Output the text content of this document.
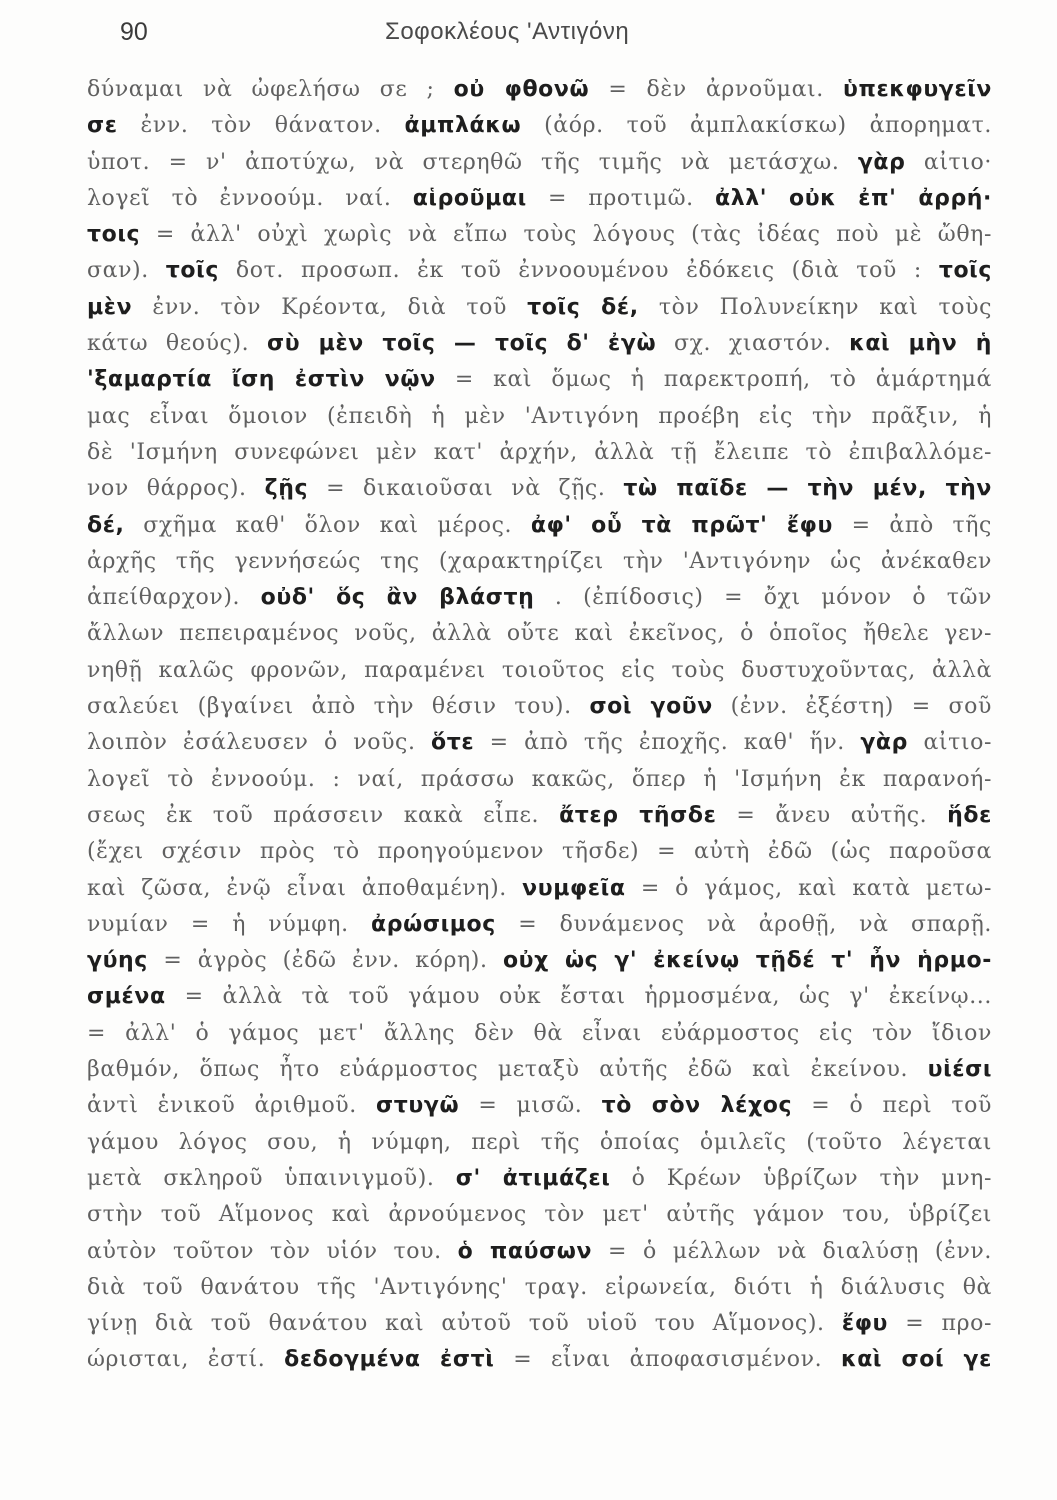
90	Σοφοκλέους 'Αντιγόνη
δύναμαι νὰ ὠφελήσω σε ; οὐ φθονῶ = δὲν ἀρνοῦμαι. ὑπεκφυγεῖν
σε ἐνν. τὸν θάνατον. ἀμπλάκω (ἀόρ. τοῦ ἀμπλακίσκω) ἀπορηματ.
ὑποτ. = ν' ἀποτύχω, νὰ στερηθῶ τῆς τιμῆς νὰ μετάσχω. γὰρ αἰτιο·
λογεῖ τὸ ἐννοούμ. ναί. αἱροῦμαι = προτιμῶ. ἀλλ' οὐκ ἐπ' ἀρρή·
τοις = ἀλλ' οὐχὶ χωρὶς νὰ εἴπω τοὺς λόγους (τὰς ἰδέας ποὺ μὲ ὤθη-
σαν). τοῖς δοτ. προσωπ. ἐκ τοῦ ἐννοουμένου ἐδόκεις (διὰ τοῦ : τοῖς
μὲν ἐνν. τὸν Κρέοντα, διὰ τοῦ τοῖς δέ, τὸν Πολυνείκην καὶ τοὺς
κάτω θεούς). σὺ μὲν τοῖς — τοῖς δ' ἐγὼ σχ. χιαστόν. καὶ μὴν ἡ
'ξαμαρτία ἴση ἐστὶν νῷν = καὶ ὅμως ἡ παρεκτροπή, τὸ ἁμάρτημά
μας εἶναι ὅμοιον (ἐπειδὴ ἡ μὲν 'Αντιγόνη προέβη εἰς τὴν πρᾶξιν, ἡ
δὲ 'Ισμήνη συνεφώνει μὲν κατ' ἀρχήν, ἀλλὰ τῇ ἔλειπε τὸ ἐπιβαλλόμε-
νον θάρρος). ζῇς = δικαιοῦσαι νὰ ζῇς. τὼ παῖδε — τὴν μέν, τὴν
δέ, σχῆμα καθ' ὅλον καὶ μέρος. ἀφ' οὗ τὰ πρῶτ' ἔφυ = ἀπὸ τῆς
ἀρχῆς τῆς γεννήσεώς της (χαρακτηρίζει τὴν 'Αντιγόνην ὡς ἀνέκαθεν
ἀπείθαρχον). οὐδ' ὅς ἂν βλάστῃ . (ἐπίδοσις) = ὄχι μόνον ὁ τῶν
ἄλλων πεπειραμένος νοῦς, ἀλλὰ οὔτε καὶ ἐκεῖνος, ὁ ὁποῖος ἤθελε γεν-
νηθῇ καλῶς φρονῶν, παραμένει τοιοῦτος εἰς τοὺς δυστυχοῦντας, ἀλλὰ
σαλεύει (βγαίνει ἀπὸ τὴν θέσιν του). σοὶ γοῦν (ἐνν. ἐξέστη) = σοῦ
λοιπὸν ἐσάλευσεν ὁ νοῦς. ὅτε = ἀπὸ τῆς ἐποχῆς. καθ' ἥν. γὰρ αἰτιο-
λογεῖ τὸ ἐννοούμ. : ναί, πράσσω κακῶς, ὅπερ ἡ 'Ισμήνη ἐκ παρανοή-
σεως ἐκ τοῦ πράσσειν κακὰ εἶπε. ἄτερ τῆσδε = ἄνευ αὐτῆς. ἥδε
(ἔχει σχέσιν πρὸς τὸ προηγούμενον τῆσδε) = αὐτὴ ἐδῶ (ὡς παροῦσα
καὶ ζῶσα, ἐνῷ εἶναι ἀποθαμένη). νυμφεῖα = ὁ γάμος, καὶ κατὰ μετω-
νυμίαν = ἡ νύμφη. ἀρώσιμος = δυνάμενος νὰ ἀροθῇ, νὰ σπαρῇ.
γύης = ἀγρὸς (ἐδῶ ἐνν. κόρη). οὐχ ὡς γ' ἐκείνῳ τῇδέ τ' ἦν ἡρμο-
σμένα = ἀλλὰ τὰ τοῦ γάμου οὐκ ἔσται ἡρμοσμένα, ὡς γ' ἐκείνῳ...
= ἀλλ' ὁ γάμος μετ' ἄλλης δὲν θὰ εἶναι εὐάρμοστος εἰς τὸν ἴδιον
βαθμόν, ὅπως ἦτο εὐάρμοστος μεταξὺ αὐτῆς ἐδῶ καὶ ἐκείνου. υἱέσι
ἀντὶ ἑνικοῦ ἀριθμοῦ. στυγῶ = μισῶ. τὸ σὸν λέχος = ὁ περὶ τοῦ
γάμου λόγος σου, ἡ νύμφη, περὶ τῆς ὁποίας ὁμιλεῖς (τοῦτο λέγεται
μετὰ σκληροῦ ὑπαινιγμοῦ). σ' ἀτιμάζει ὁ Κρέων ὑβρίζων τὴν μνη-
στὴν τοῦ Αἵμονος καὶ ἀρνούμενος τὸν μετ' αὐτῆς γάμον του, ὑβρίζει
αὐτὸν τοῦτον τὸν υἱόν του. ὁ παύσων = ὁ μέλλων νὰ διαλύσῃ (ἐνν.
διὰ τοῦ θανάτου τῆς 'Αντιγόνης' τραγ. εἰρωνεία, διότι ἡ διάλυσις θὰ
γίνῃ διὰ τοῦ θανάτου καὶ αὐτοῦ τοῦ υἱοῦ του Αἵμονος). ἔφυ = προ-
ώρισται, ἐστί. δεδογμένα ἐστὶ = εἶναι ἀποφασισμένον. καὶ σοί γε
